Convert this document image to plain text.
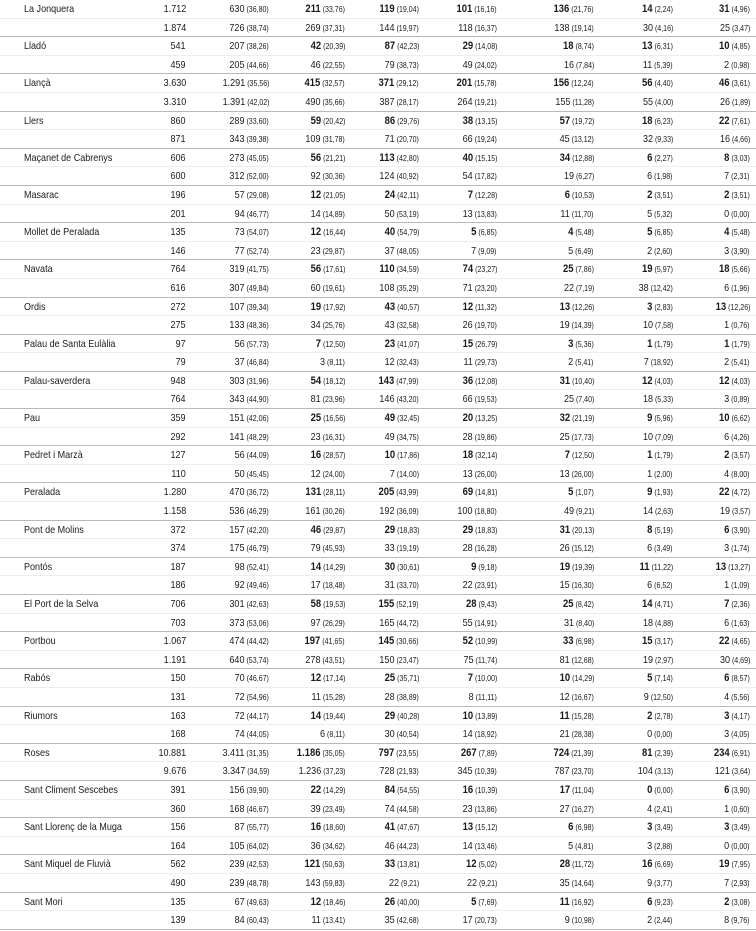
La Jonquera	1.712	630 (36,80)	211 (33,76)	119 (19,04)	101 (16,16)	136 (21,76)	14 (2,24)	31 (4,96)
1.874	726 (38,74)	269 (37,31)	144 (19,97)	118 (16,37)	138 (19,14)	30 (4,16)	25 (3,47)
Lladó	541	207 (38,26)	42 (20,39)	87 (42,23)	29 (14,08)	18 (8,74)	13 (6,31)	10 (4,85)
459	205 (44,66)	46 (22,55)	79 (38,73)	49 (24,02)	16 (7,84)	11 (5,39)	2 (0,98)
Llançà	3.630	1.291 (35,56)	415 (32,57)	371 (29,12)	201 (15,78)	156 (12,24)	56 (4,40)	46 (3,61)
3.310	1.391 (42,02)	490 (35,66)	387 (28,17)	264 (19,21)	155 (11,28)	55 (4,00)	26 (1,89)
Llers	860	289 (33,60)	59 (20,42)	86 (29,76)	38 (13,15)	57 (19,72)	18 (6,23)	22 (7,61)
871	343 (39,38)	109 (31,78)	71 (20,70)	66 (19,24)	45 (13,12)	32 (9,33)	16 (4,66)
Maçanet de Cabrenys	606	273 (45,05)	56 (21,21)	113 (42,80)	40 (15,15)	34 (12,88)	6 (2,27)	8 (3,03)
600	312 (52,00)	92 (30,36)	124 (40,92)	54 (17,82)	19 (6,27)	6 (1,98)	7 (2,31)
Masarac	196	57 (29,08)	12 (21,05)	24 (42,11)	7 (12,28)	6 (10,53)	2 (3,51)	2 (3,51)
201	94 (46,77)	14 (14,89)	50 (53,19)	13 (13,83)	11 (11,70)	5 (5,32)	0 (0,00)
Mollet de Peralada	135	73 (54,07)	12 (16,44)	40 (54,79)	5 (6,85)	4 (5,48)	5 (6,85)	4 (5,48)
146	77 (52,74)	23 (29,87)	37 (48,05)	7 (9,09)	5 (6,49)	2 (2,60)	3 (3,90)
Navata	764	319 (41,75)	56 (17,61)	110 (34,59)	74 (23,27)	25 (7,86)	19 (5,97)	18 (5,66)
616	307 (49,84)	60 (19,61)	108 (35,29)	71 (23,20)	22 (7,19)	38 (12,42)	6 (1,96)
Ordis	272	107 (39,34)	19 (17,92)	43 (40,57)	12 (11,32)	13 (12,26)	3 (2,83)	13 (12,26)
275	133 (48,36)	34 (25,76)	43 (32,58)	26 (19,70)	19 (14,39)	10 (7,58)	1 (0,76)
Palau de Santa Eulàlia	97	56 (57,73)	7 (12,50)	23 (41,07)	15 (26,79)	3 (5,36)	1 (1,79)	1 (1,79)
79	37 (46,84)	3 (8,11)	12 (32,43)	11 (29,73)	2 (5,41)	7 (18,92)	2 (5,41)
Palau-saverdera	948	303 (31,96)	54 (18,12)	143 (47,99)	36 (12,08)	31 (10,40)	12 (4,03)	12 (4,03)
764	343 (44,90)	81 (23,96)	146 (43,20)	66 (19,53)	25 (7,40)	18 (5,33)	3 (0,89)
Pau	359	151 (42,06)	25 (16,56)	49 (32,45)	20 (13,25)	32 (21,19)	9 (5,96)	10 (6,62)
292	141 (48,29)	23 (16,31)	49 (34,75)	28 (19,86)	25 (17,73)	10 (7,09)	6 (4,26)
Pedret i Marzà	127	56 (44,09)	16 (28,57)	10 (17,86)	18 (32,14)	7 (12,50)	1 (1,79)	2 (3,57)
110	50 (45,45)	12 (24,00)	7 (14,00)	13 (26,00)	13 (26,00)	1 (2,00)	4 (8,00)
Peralada	1.280	470 (36,72)	131 (28,11)	205 (43,99)	69 (14,81)	5 (1,07)	9 (1,93)	22 (4,72)
1.158	536 (46,29)	161 (30,26)	192 (36,09)	100 (18,80)	49 (9,21)	14 (2,63)	19 (3,57)
Pont de Molins	372	157 (42,20)	46 (29,87)	29 (18,83)	29 (18,83)	31 (20,13)	8 (5,19)	6 (3,90)
374	175 (46,79)	79 (45,93)	33 (19,19)	28 (16,28)	26 (15,12)	6 (3,49)	3 (1,74)
Pontós	187	98 (52,41)	14 (14,29)	30 (30,61)	9 (9,18)	19 (19,39)	11 (11,22)	13 (13,27)
186	92 (49,46)	17 (18,48)	31 (33,70)	22 (23,91)	15 (16,30)	6 (6,52)	1 (1,09)
El Port de la Selva	706	301 (42,63)	58 (19,53)	155 (52,19)	28 (9,43)	25 (8,42)	14 (4,71)	7 (2,36)
703	373 (53,06)	97 (26,29)	165 (44,72)	55 (14,91)	31 (8,40)	18 (4,88)	6 (1,63)
Portbou	1.067	474 (44,42)	197 (41,65)	145 (30,66)	52 (10,99)	33 (6,98)	15 (3,17)	22 (4,65)
1.191	640 (53,74)	278 (43,51)	150 (23,47)	75 (11,74)	81 (12,68)	19 (2,97)	30 (4,69)
Rabós	150	70 (46,67)	12 (17,14)	25 (35,71)	7 (10,00)	10 (14,29)	5 (7,14)	6 (8,57)
131	72 (54,96)	11 (15,28)	28 (38,89)	8 (11,11)	12 (16,67)	9 (12,50)	4 (5,56)
Riumors	163	72 (44,17)	14 (19,44)	29 (40,28)	10 (13,89)	11 (15,28)	2 (2,78)	3 (4,17)
168	74 (44,05)	6 (8,11)	30 (40,54)	14 (18,92)	21 (28,38)	0 (0,00)	3 (4,05)
Roses	10.881	3.411 (31,35)	1.186 (35,05)	797 (23,55)	267 (7,89)	724 (21,39)	81 (2,39)	234 (6,91)
9.676	3.347 (34,59)	1.236 (37,23)	728 (21,93)	345 (10,39)	787 (23,70)	104 (3,13)	121 (3,64)
Sant Climent Sescebes	391	156 (39,90)	22 (14,29)	84 (54,55)	16 (10,39)	17 (11,04)	0 (0,00)	6 (3,90)
360	168 (46,67)	39 (23,49)	74 (44,58)	23 (13,86)	27 (16,27)	4 (2,41)	1 (0,60)
Sant Llorenç de la Muga	156	87 (55,77)	16 (18,60)	41 (47,67)	13 (15,12)	6 (6,98)	3 (3,49)	3 (3,49)
164	105 (64,02)	36 (34,62)	46 (44,23)	14 (13,46)	5 (4,81)	3 (2,88)	0 (0,00)
Sant Miquel de Fluvià	562	239 (42,53)	121 (50,63)	33 (13,81)	12 (5,02)	28 (11,72)	16 (6,69)	19 (7,95)
490	239 (48,78)	143 (59,83)	22 (9,21)	22 (9,21)	35 (14,64)	9 (3,77)	7 (2,93)
Sant Mori	135	67 (49,63)	12 (18,46)	26 (40,00)	5 (7,69)	11 (16,92)	6 (9,23)	2 (3,08)
139	84 (60,43)	11 (13,41)	35 (42,68)	17 (20,73)	9 (10,98)	2 (2,44)	8 (9,76)
